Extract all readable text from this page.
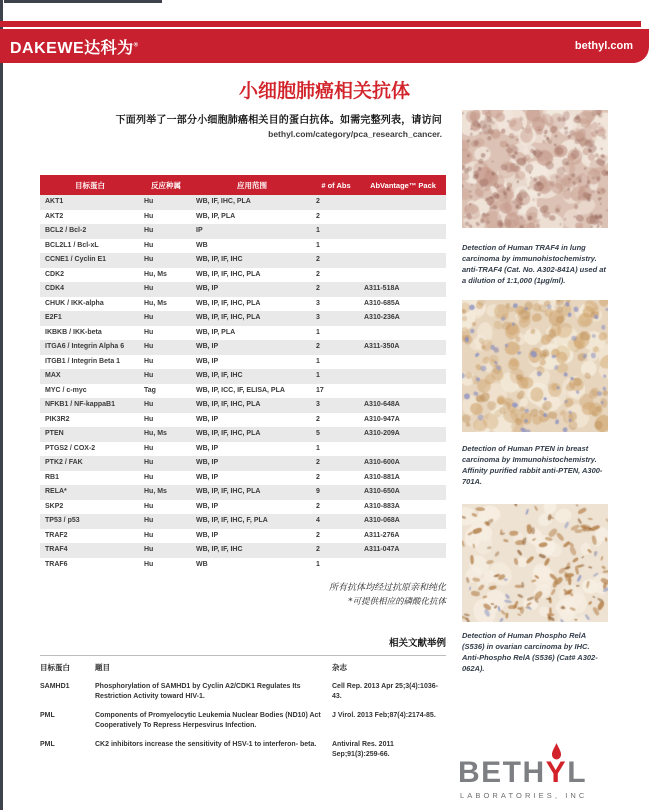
DAKEWE达科为®	bethyl.com
小细胞肺癌相关抗体
下面列举了一部分小细胞肺癌相关目的蛋白抗体。如需完整列表，请访问
bethyl.com/category/pca_research_cancer.
目标蛋白	反应种属	应用范围	# of Abs	AbVantage™ Pack
AKT1	Hu	WB, IF, IHC, PLA	2	
AKT2	Hu	WB, IP, PLA	2	
BCL2 / Bcl-2	Hu	IP	1	
BCL2L1 / Bcl-xL	Hu	WB	1	
CCNE1 / Cyclin E1	Hu	WB, IP, IF, IHC	2	
CDK2	Hu, Ms	WB, IP, IF, IHC, PLA	2	
CDK4	Hu	WB, IP	2	A311-518A
CHUK / IKK-alpha	Hu, Ms	WB, IP, IF, IHC, PLA	3	A310-685A
E2F1	Hu	WB, IP, IF, IHC, PLA	3	A310-236A
IKBKB / IKK-beta	Hu	WB, IP, PLA	1	
ITGA6 / Integrin Alpha 6	Hu	WB, IP	2	A311-350A
ITGB1 / Integrin Beta 1	Hu	WB, IP	1	
MAX	Hu	WB, IP, IF, IHC	1	
MYC / c-myc	Tag	WB, IP, ICC, IF, ELISA, PLA	17	
NFKB1 / NF-kappaB1	Hu	WB, IP, IF, IHC, PLA	3	A310-648A
PIK3R2	Hu	WB, IP	2	A310-947A
PTEN	Hu, Ms	WB, IP, IF, IHC, PLA	5	A310-209A
PTGS2 / COX-2	Hu	WB, IP	1	
PTK2 / FAK	Hu	WB, IP	2	A310-600A
RB1	Hu	WB, IP	2	A310-881A
RELA*	Hu, Ms	WB, IP, IF, IHC, PLA	9	A310-650A
SKP2	Hu	WB, IP	2	A310-883A
TP53 / p53	Hu	WB, IP, IF, IHC, F, PLA	4	A310-068A
TRAF2	Hu	WB, IP	2	A311-276A
TRAF4	Hu	WB, IP, IF, IHC	2	A311-047A
TRAF6	Hu	WB	1	
所有抗体均经过抗原亲和纯化
*可提供相应的磷酸化抗体
相关文献举例
目标蛋白	题目	杂志
SAMHD1	Phosphorylation of SAMHD1 by Cyclin A2/CDK1 Regulates Its Restriction Activity toward HIV-1.	Cell Rep. 2013 Apr 25;3(4):1036-43.
PML	Components of Promyelocytic Leukemia Nuclear Bodies (ND10) Act Cooperatively To Repress Herpesvirus Infection.	J Virol. 2013 Feb;87(4):2174-85.
PML	CK2 inhibitors increase the sensitivity of HSV-1 to interferon- beta.	Antiviral Res. 2011 Sep;91(3):259-66.
Detection of Human TRAF4 in lung carcinoma by immunohistochemistry. anti-TRAF4 (Cat. No. A302-841A) used at a dilution of 1:1,000 (1μg/ml).
Detection of Human PTEN in breast carcinoma by Immunohistochemistry. Affinity purified rabbit anti-PTEN, A300-701A.
Detection of Human Phospho RelA (S536) in ovarian carcinoma by IHC. Anti-Phospho RelA (S536) (Cat# A302-062A).
BETHYL
LABORATORIES, INC
